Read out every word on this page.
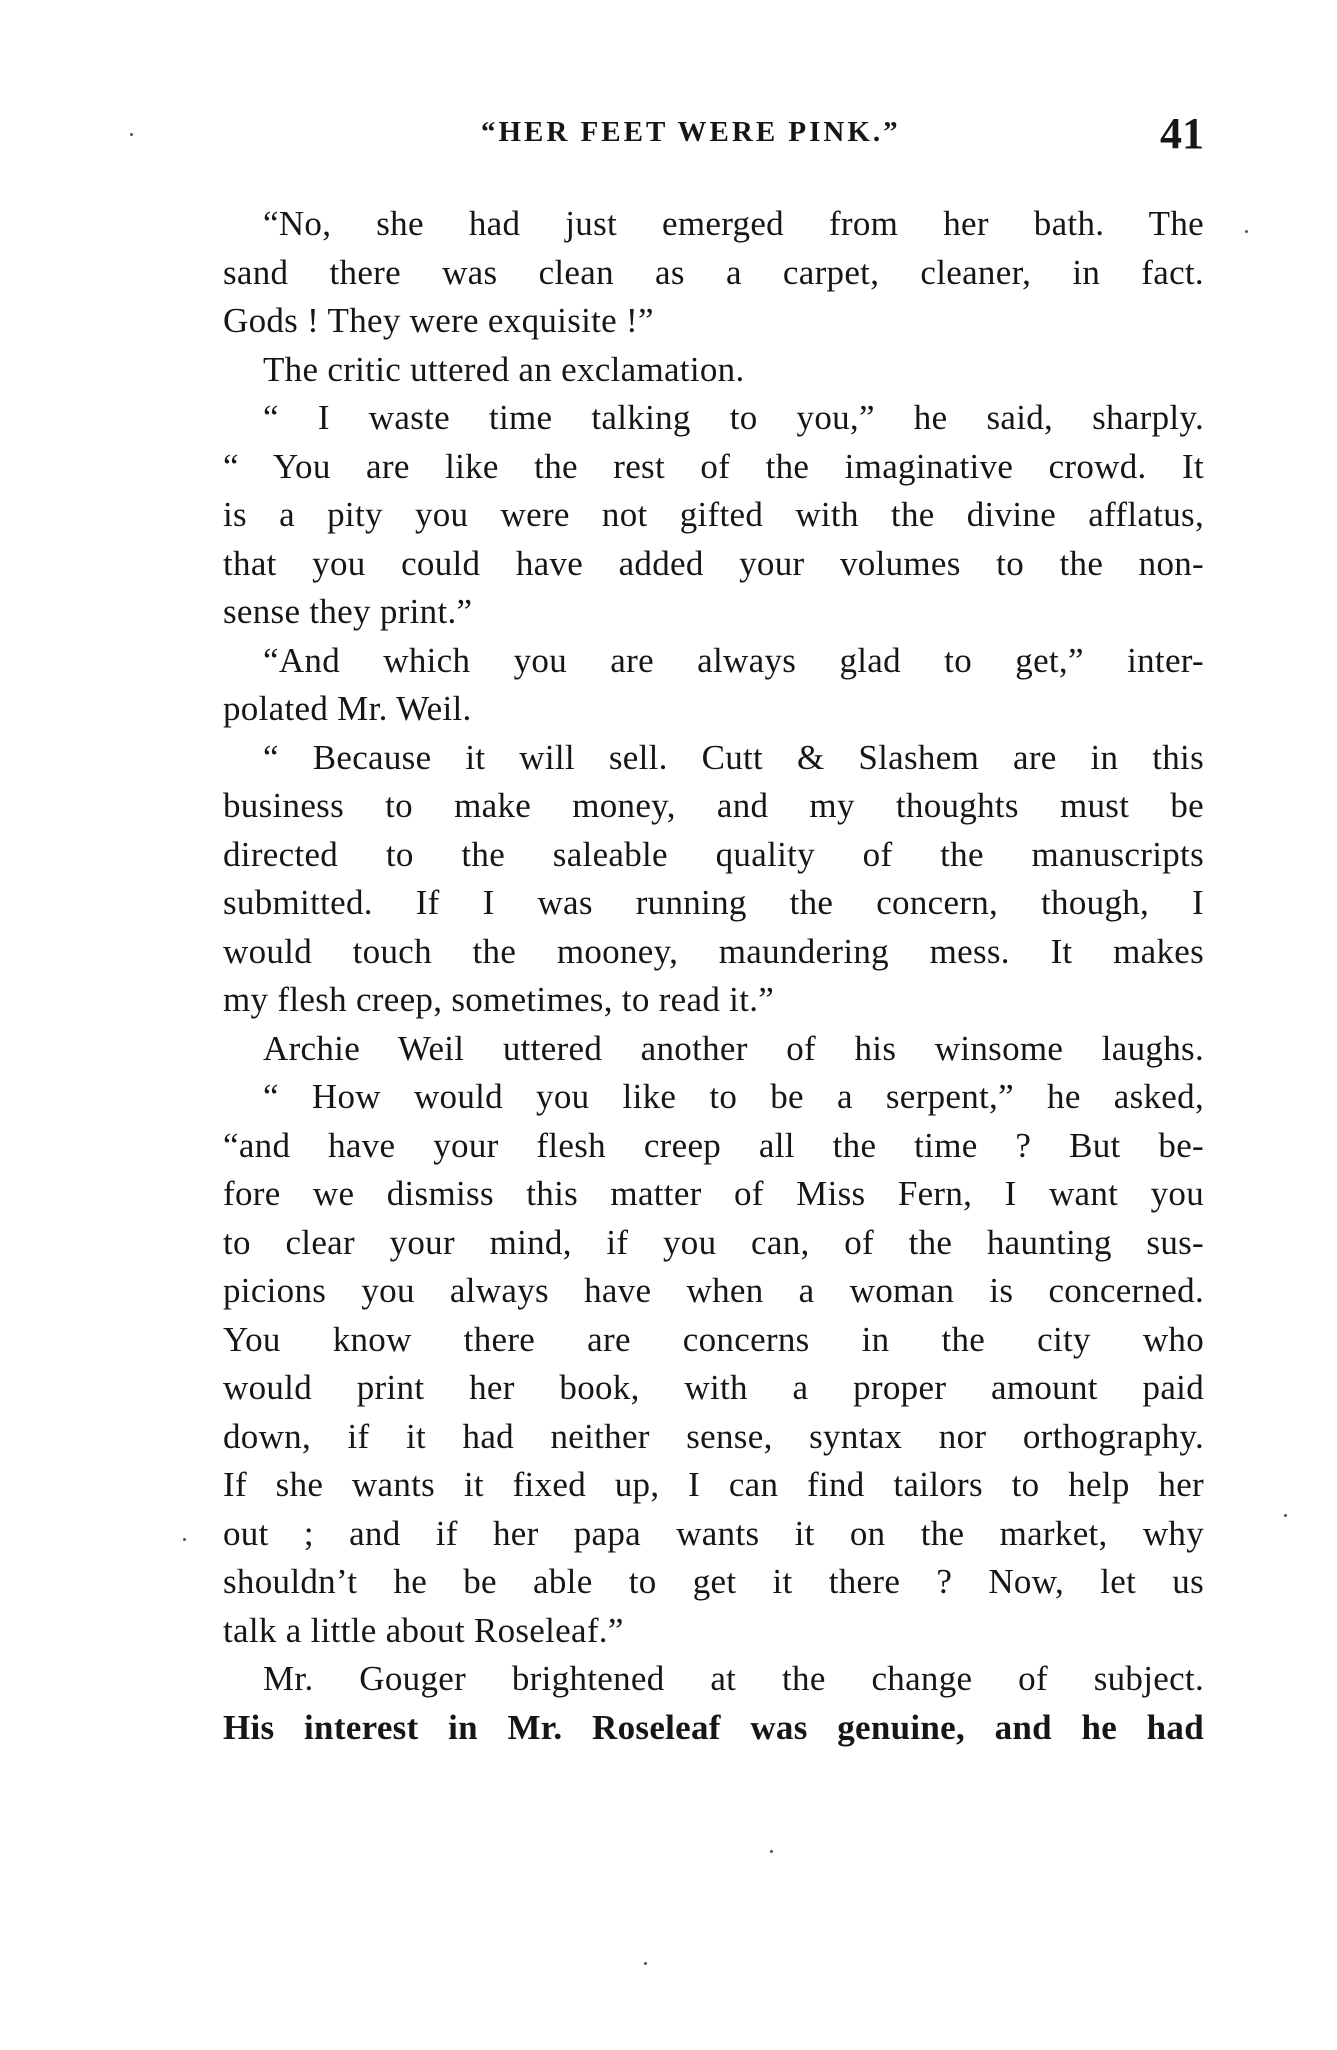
“HER FEET WERE PINK.”	41
“No, she had just emerged from her bath. The
sand there was clean as a carpet, cleaner, in fact.
Gods ! They were exquisite !”
The critic uttered an exclamation.
“ I waste time talking to you,” he said, sharply.
“ You are like the rest of the imaginative crowd. It
is a pity you were not gifted with the divine afflatus,
that you could have added your volumes to the non-
sense they print.”
“And which you are always glad to get,” inter-
polated Mr. Weil.
“ Because it will sell. Cutt & Slashem are in this
business to make money, and my thoughts must be
directed to the saleable quality of the manuscripts
submitted. If I was running the concern, though, I
would touch the mooney, maundering mess. It makes
my flesh creep, sometimes, to read it.”
Archie Weil uttered another of his winsome laughs.
“ How would you like to be a serpent,” he asked,
“and have your flesh creep all the time ? But be-
fore we dismiss this matter of Miss Fern, I want you
to clear your mind, if you can, of the haunting sus-
picions you always have when a woman is concerned.
You know there are concerns in the city who
would print her book, with a proper amount paid
down, if it had neither sense, syntax nor orthography.
If she wants it fixed up, I can find tailors to help her
out ; and if her papa wants it on the market, why
shouldn’t he be able to get it there ? Now, let us
talk a little about Roseleaf.”
Mr. Gouger brightened at the change of subject.
His interest in Mr. Roseleaf was genuine, and he had
